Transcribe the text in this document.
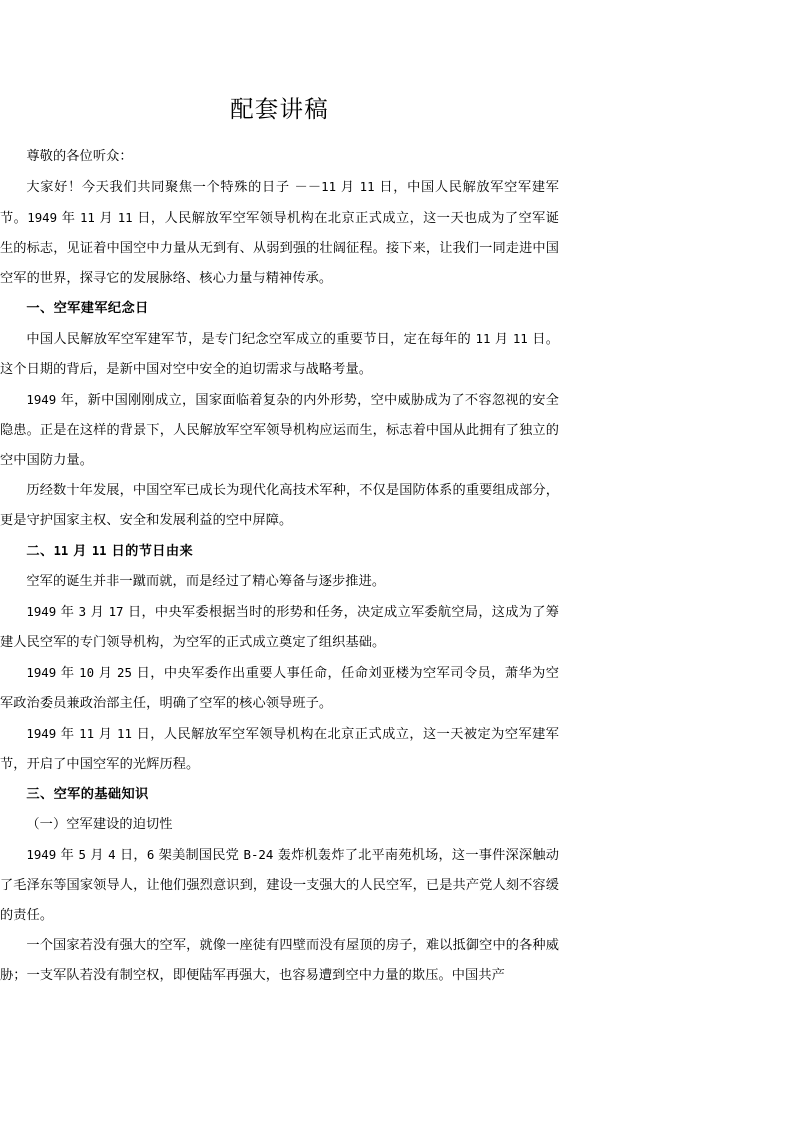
配套讲稿

尊敬的各位听众：

大家好！今天我们共同聚焦一个特殊的日子 －－11 月 11 日，中国人民解放军空军建军节。1949 年 11 月 11 日，人民解放军空军领导机构在北京正式成立，这一天也成为了空军诞生的标志，见证着中国空中力量从无到有、从弱到强的壮阔征程。接下来，让我们一同走进中国空军的世界，探寻它的发展脉络、核心力量与精神传承。

一、空军建军纪念日

中国人民解放军空军建军节，是专门纪念空军成立的重要节日，定在每年的 11 月 11 日。这个日期的背后，是新中国对空中安全的迫切需求与战略考量。

1949 年，新中国刚刚成立，国家面临着复杂的内外形势，空中威胁成为了不容忽视的安全隐患。正是在这样的背景下，人民解放军空军领导机构应运而生，标志着中国从此拥有了独立的空中国防力量。

历经数十年发展，中国空军已成长为现代化高技术军种，不仅是国防体系的重要组成部分，更是守护国家主权、安全和发展利益的空中屏障。

二、11 月 11 日的节日由来

空军的诞生并非一蹴而就，而是经过了精心筹备与逐步推进。

1949 年 3 月 17 日，中央军委根据当时的形势和任务，决定成立军委航空局，这成为了筹建人民空军的专门领导机构，为空军的正式成立奠定了组织基础。

1949 年 10 月 25 日，中央军委作出重要人事任命，任命刘亚楼为空军司令员，萧华为空军政治委员兼政治部主任，明确了空军的核心领导班子。

1949 年 11 月 11 日，人民解放军空军领导机构在北京正式成立，这一天被定为空军建军节，开启了中国空军的光辉历程。

三、空军的基础知识

（一）空军建设的迫切性

1949 年 5 月 4 日，6 架美制国民党 B-24 轰炸机轰炸了北平南苑机场，这一事件深深触动了毛泽东等国家领导人，让他们强烈意识到，建设一支强大的人民空军，已是共产党人刻不容缓的责任。

一个国家若没有强大的空军，就像一座徒有四壁而没有屋顶的房子，难以抵御空中的各种威胁；一支军队若没有制空权，即便陆军再强大，也容易遭到空中力量的欺压。中国共产
